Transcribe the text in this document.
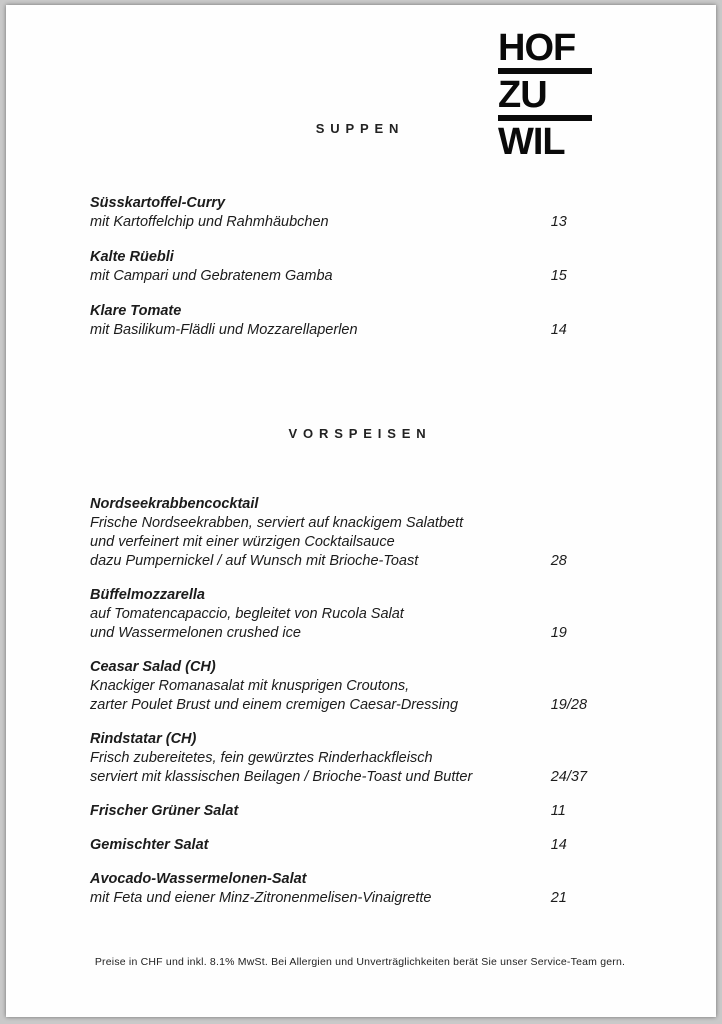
HOF
ZU
WIL
SUPPEN
Süsskartoffel-Curry
mit Kartoffelchip und Rahmhäubchen	13
Kalte Rüebli
mit Campari und Gebratenem Gamba	15
Klare Tomate
mit Basilikum-Flädli und Mozzarellaperlen	14
VORSPEISEN
Nordseekrabbencocktail
Frische Nordseekrabben, serviert auf knackigem Salatbett
und verfeinert mit einer würzigen Cocktailsauce
dazu Pumpernickel / auf Wunsch mit Brioche-Toast	28
Büffelmozzarella
auf Tomatencapaccio, begleitet von Rucola Salat
und Wassermelonen crushed ice	19
Ceasar Salad (CH)
Knackiger Romanasalat mit knusprigen Croutons,
zarter Poulet Brust und einem cremigen Caesar-Dressing	19/28
Rindstatar (CH)
Frisch zubereitetes, fein gewürztes Rinderhackfleisch
serviert mit klassischen Beilagen / Brioche-Toast und Butter	24/37
Frischer Grüner Salat	11
Gemischter Salat	14
Avocado-Wassermelonen-Salat
mit Feta und eiener Minz-Zitronenmelisen-Vinaigrette	21
Preise in CHF und inkl. 8.1% MwSt. Bei Allergien und Unverträglichkeiten berät Sie unser Service-Team gern.
